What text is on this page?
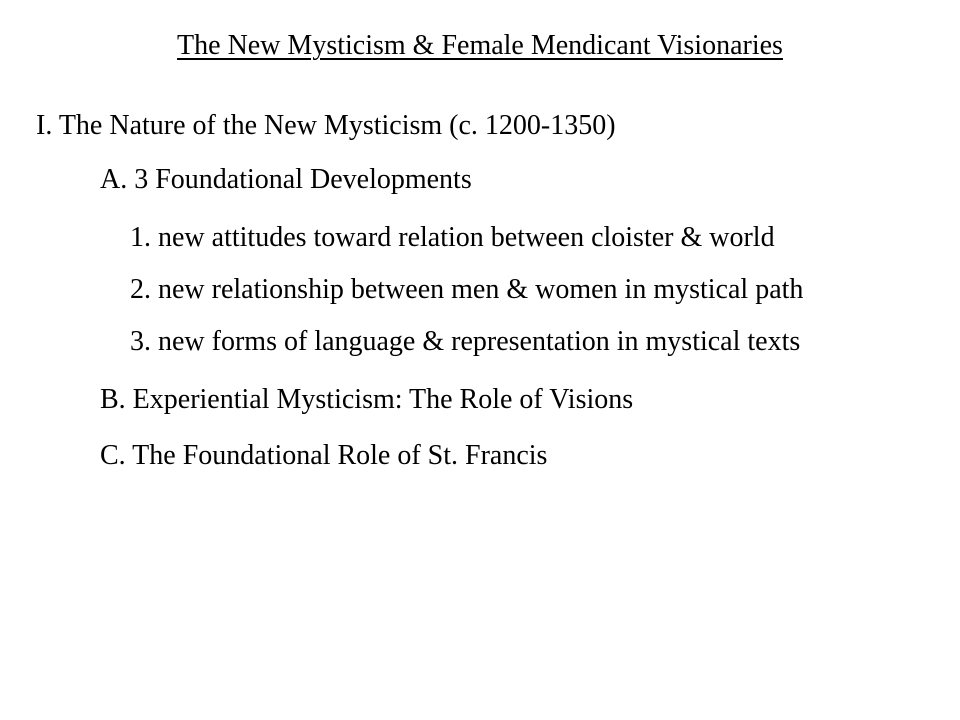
The New Mysticism & Female Mendicant Visionaries
I. The Nature of the New Mysticism (c. 1200-1350)
A. 3 Foundational Developments
1. new attitudes toward relation between cloister & world
2. new relationship between men & women in mystical path
3. new forms of language & representation in mystical texts
B. Experiential Mysticism: The Role of Visions
C. The Foundational Role of St. Francis
